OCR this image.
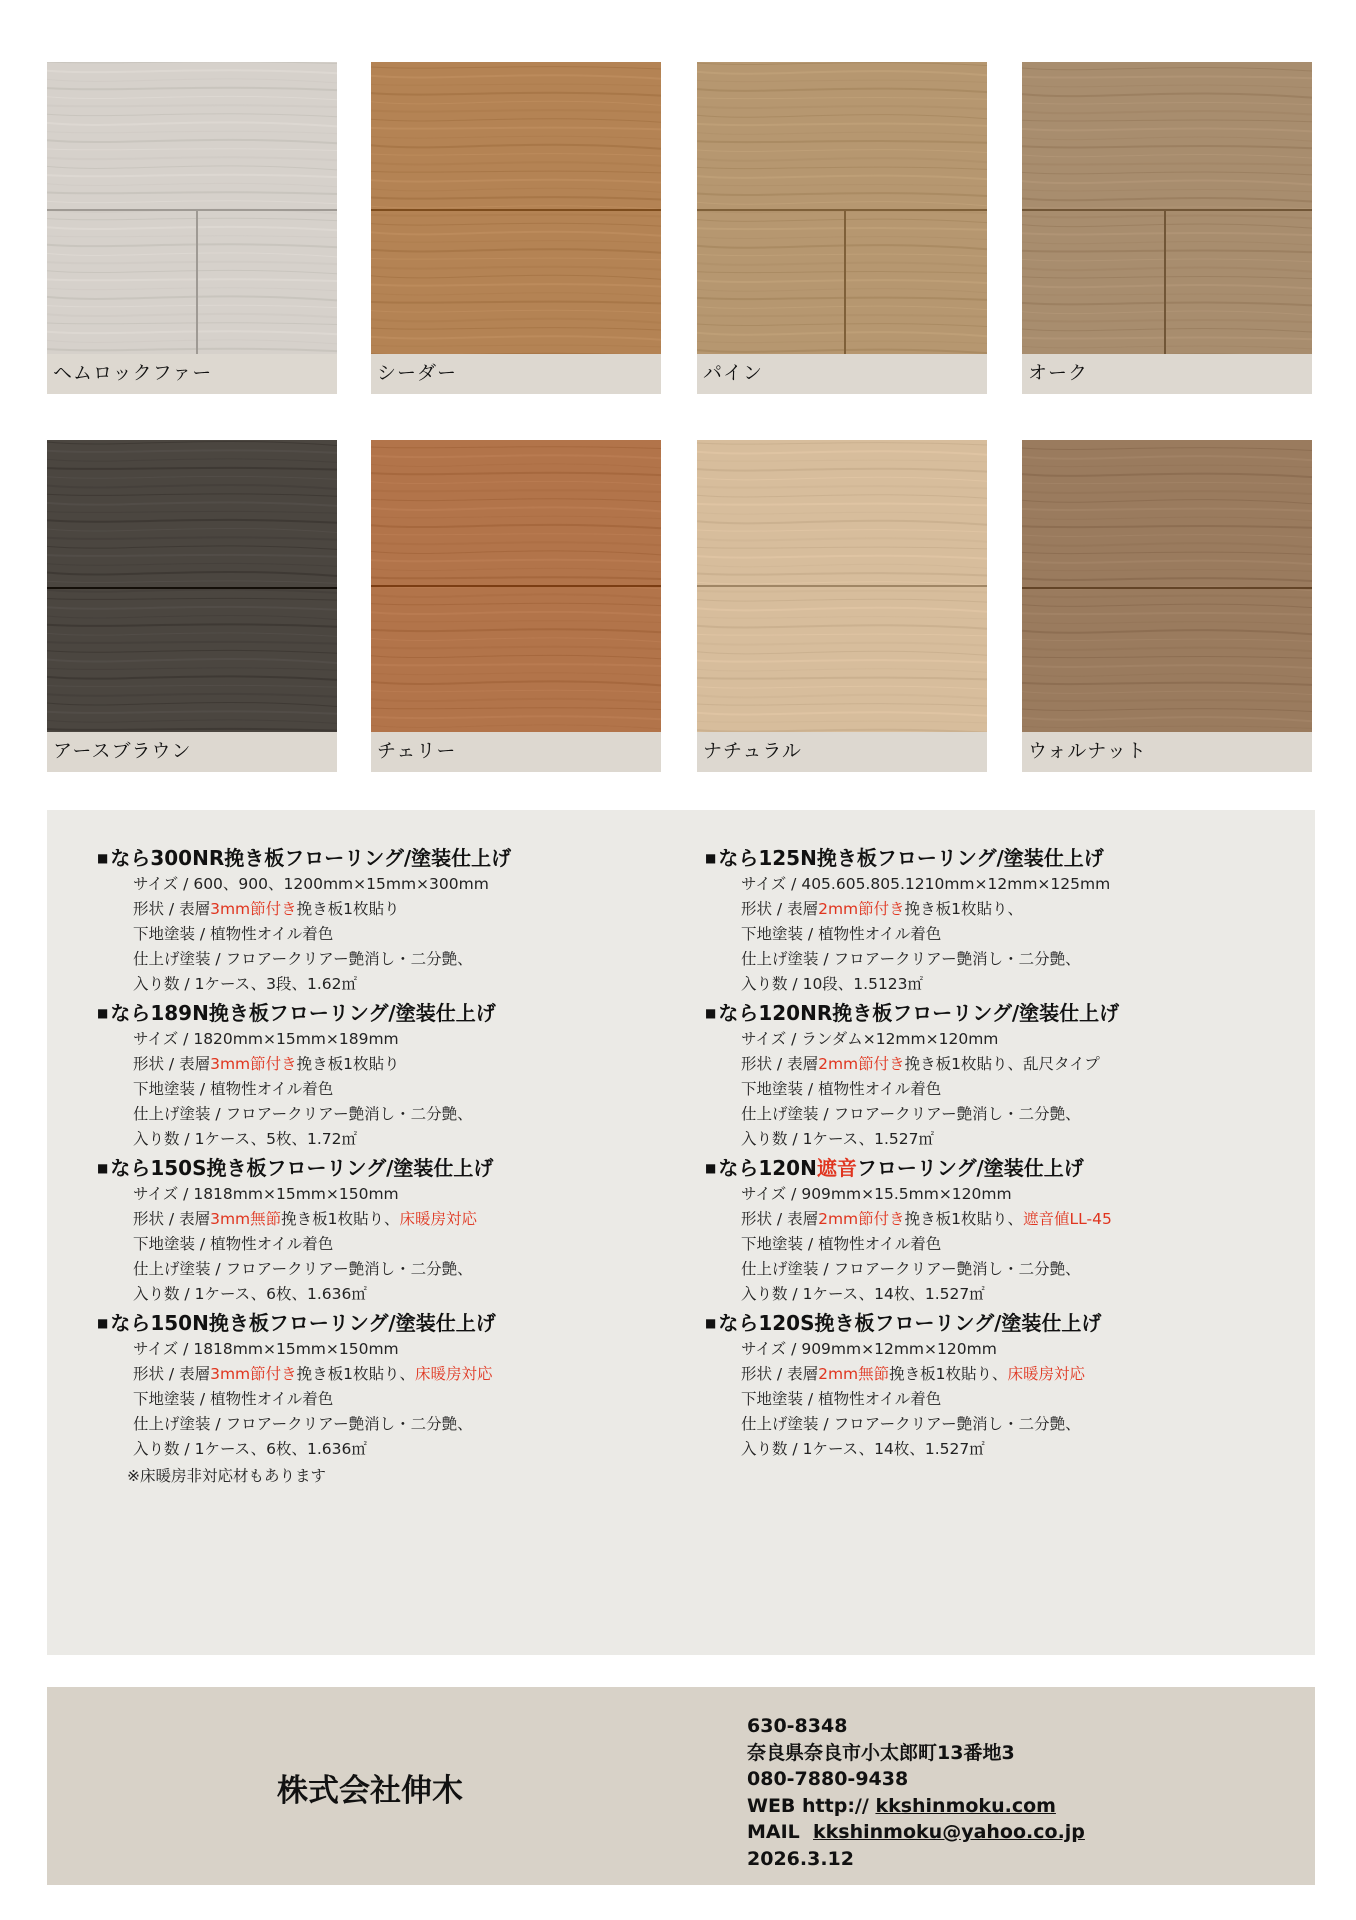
ヘムロックファー	シーダー	パイン	オーク
アースブラウン	チェリー	ナチュラル	ウォルナット
■ なら300NR挽き板フローリング/塗装仕上げ
サイズ / 600、900、1200mm×15mm×300mm
形状 / 表層3mm節付き挽き板1枚貼り
下地塗装 / 植物性オイル着色
仕上げ塗装 / フロアークリアー艶消し・二分艶、
入り数 / 1ケース、3段、1.62㎡
■ なら189N挽き板フローリング/塗装仕上げ
サイズ / 1820mm×15mm×189mm
形状 / 表層3mm節付き挽き板1枚貼り
下地塗装 / 植物性オイル着色
仕上げ塗装 / フロアークリアー艶消し・二分艶、
入り数 / 1ケース、5枚、1.72㎡
■ なら150S挽き板フローリング/塗装仕上げ
サイズ / 1818mm×15mm×150mm
形状 / 表層3mm無節挽き板1枚貼り、床暖房対応
下地塗装 / 植物性オイル着色
仕上げ塗装 / フロアークリアー艶消し・二分艶、
入り数 / 1ケース、6枚、1.636㎡
■ なら150N挽き板フローリング/塗装仕上げ
サイズ / 1818mm×15mm×150mm
形状 / 表層3mm節付き挽き板1枚貼り、床暖房対応
下地塗装 / 植物性オイル着色
仕上げ塗装 / フロアークリアー艶消し・二分艶、
入り数 / 1ケース、6枚、1.636㎡
※床暖房非対応材もあります
■ なら125N挽き板フローリング/塗装仕上げ
サイズ / 405.605.805.1210mm×12mm×125mm
形状 / 表層2mm節付き挽き板1枚貼り、
下地塗装 / 植物性オイル着色
仕上げ塗装 / フロアークリアー艶消し・二分艶、
入り数 / 10段、1.5123㎡
■ なら120NR挽き板フローリング/塗装仕上げ
サイズ / ランダム×12mm×120mm
形状 / 表層2mm節付き挽き板1枚貼り、乱尺タイプ
下地塗装 / 植物性オイル着色
仕上げ塗装 / フロアークリアー艶消し・二分艶、
入り数 / 1ケース、1.527㎡
■ なら120N遮音フローリング/塗装仕上げ
サイズ / 909mm×15.5mm×120mm
形状 / 表層2mm節付き挽き板1枚貼り、遮音値LL-45
下地塗装 / 植物性オイル着色
仕上げ塗装 / フロアークリアー艶消し・二分艶、
入り数 / 1ケース、14枚、1.527㎡
■ なら120S挽き板フローリング/塗装仕上げ
サイズ / 909mm×12mm×120mm
形状 / 表層2mm無節挽き板1枚貼り、床暖房対応
下地塗装 / 植物性オイル着色
仕上げ塗装 / フロアークリアー艶消し・二分艶、
入り数 / 1ケース、14枚、1.527㎡
株式会社伸木
630-8348
奈良県奈良市小太郎町13番地3
080-7880-9438
WEB http:// kkshinmoku.com
MAIL kkshinmoku@yahoo.co.jp
2026.3.12
